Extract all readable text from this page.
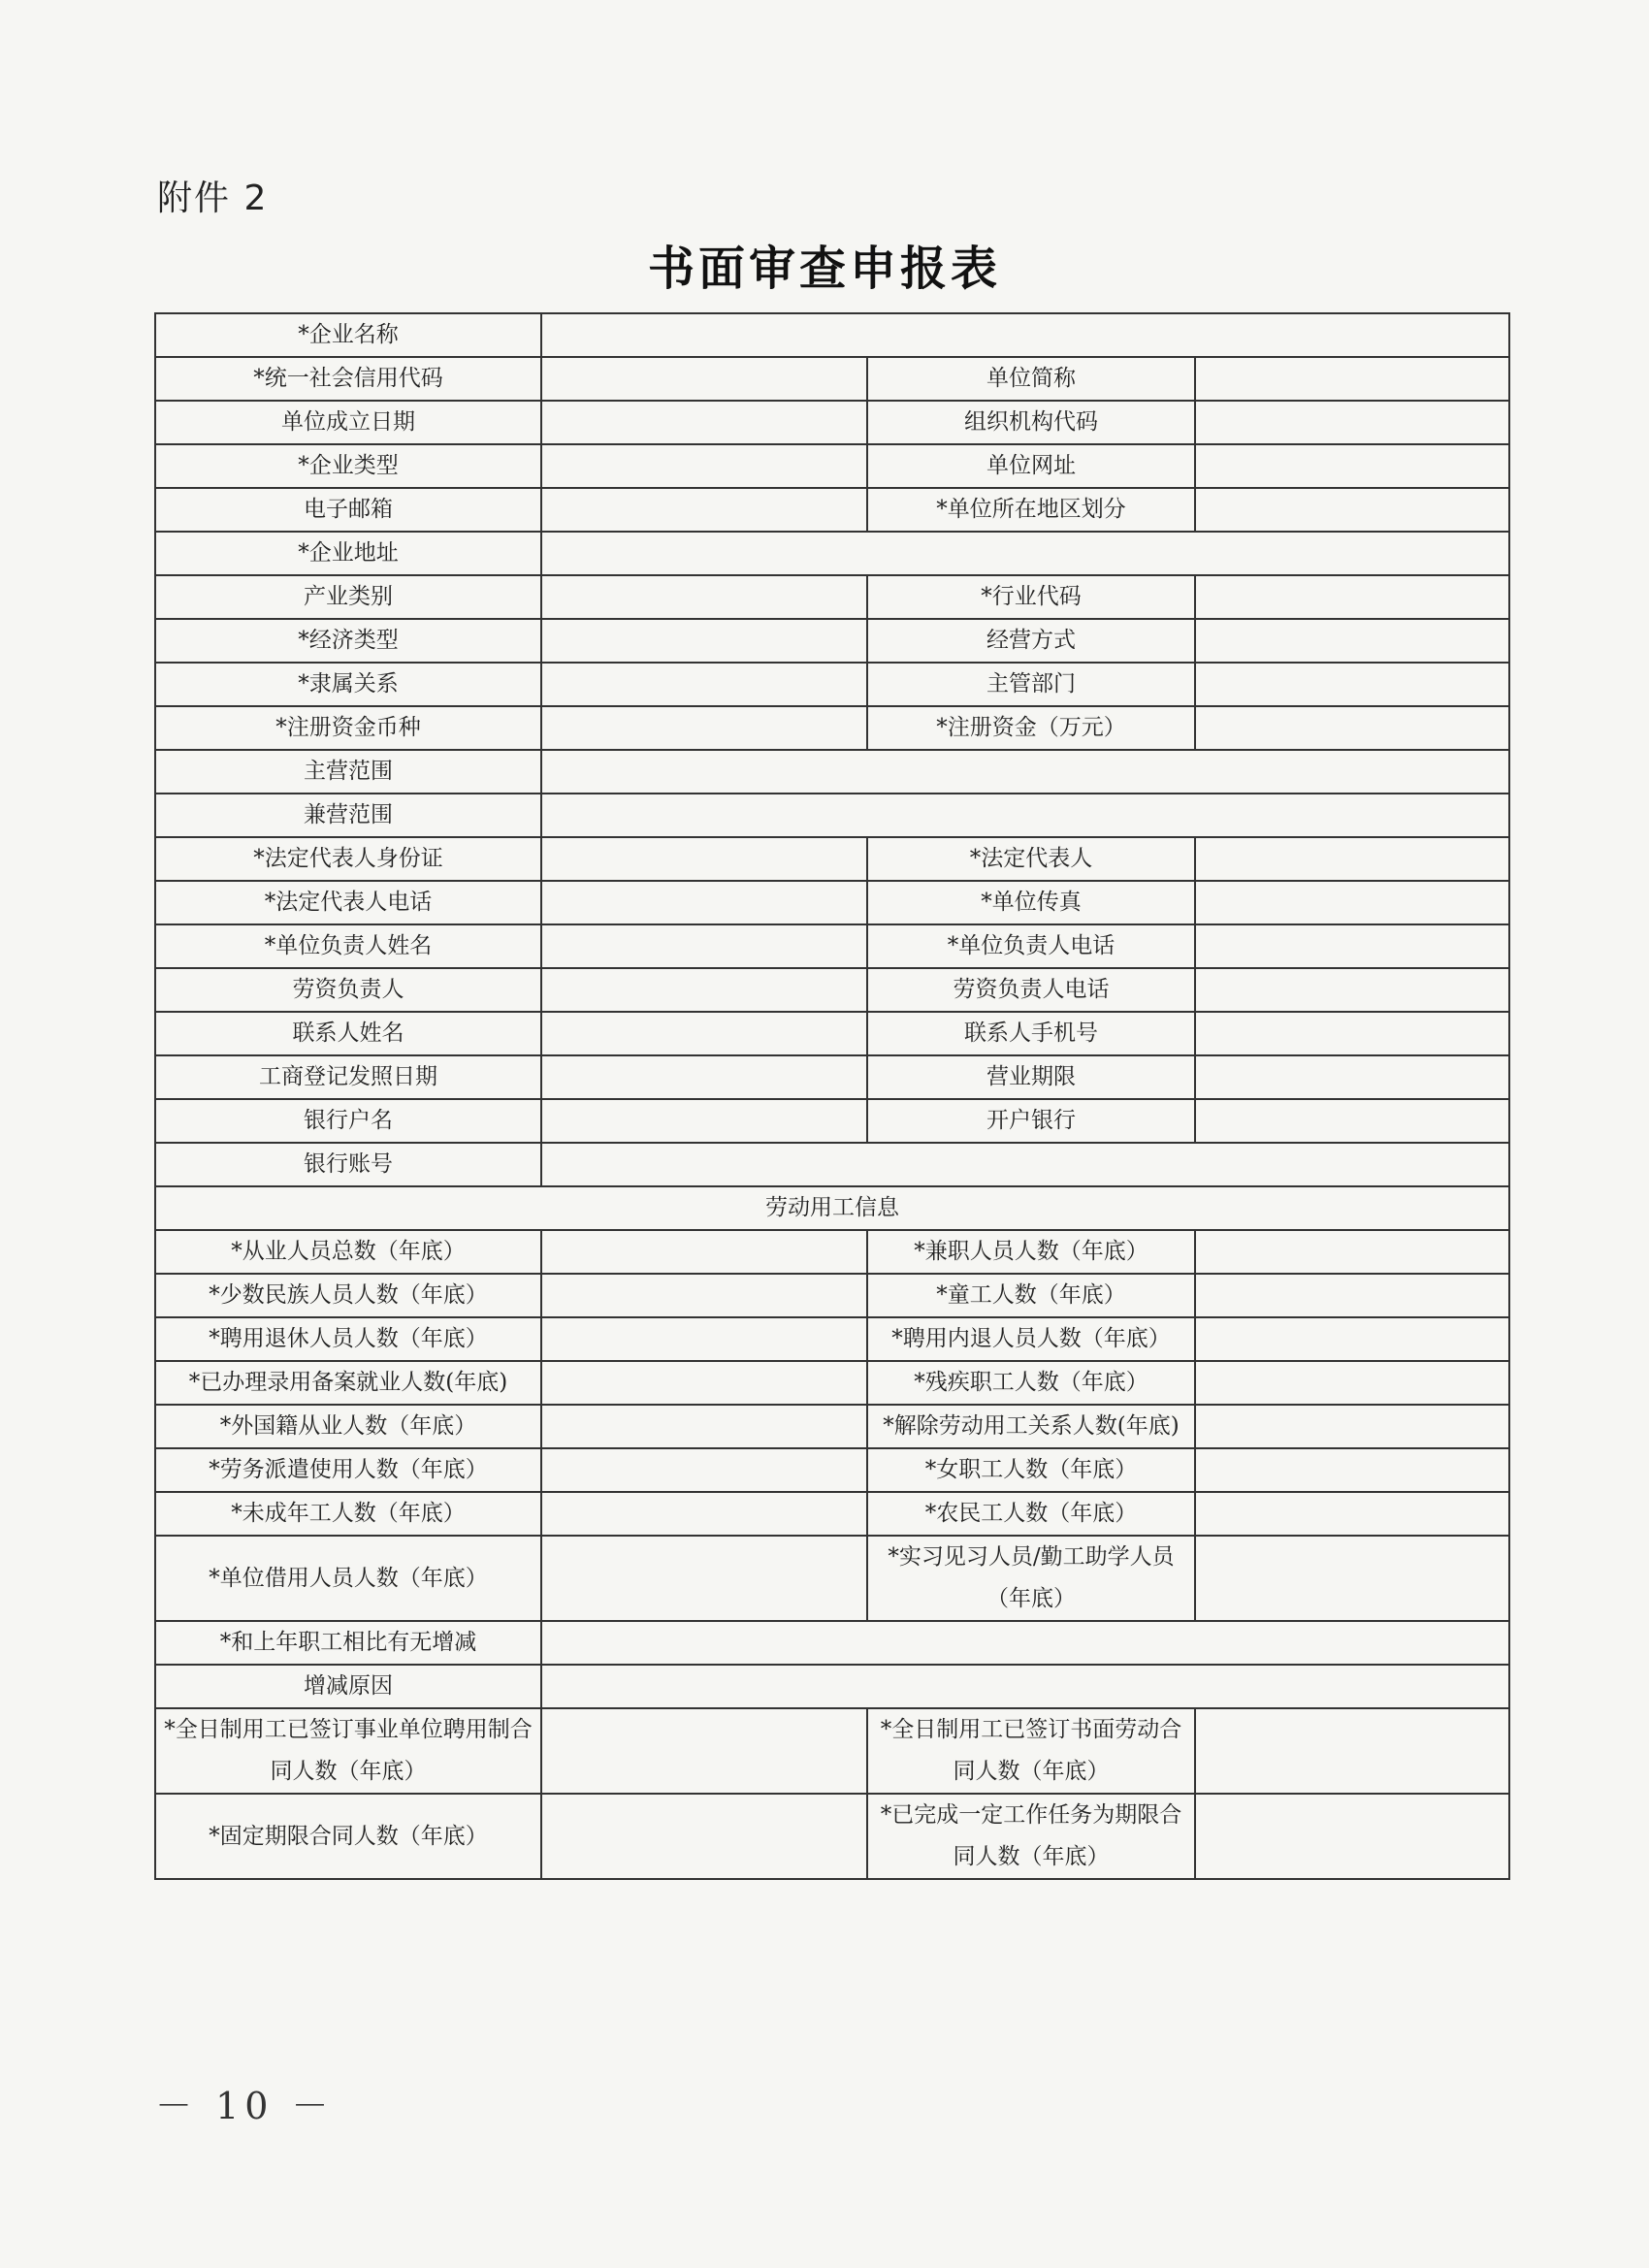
附件 2
书面审查申报表
*企业名称			
*统一社会信用代码		单位简称	
单位成立日期		组织机构代码	
*企业类型		单位网址	
电子邮箱		*单位所在地区划分	
*企业地址			
产业类别		*行业代码	
*经济类型		经营方式	
*隶属关系		主管部门	
*注册资金币种		*注册资金（万元）	
主营范围			
兼营范围			
*法定代表人身份证		*法定代表人	
*法定代表人电话		*单位传真	
*单位负责人姓名		*单位负责人电话	
劳资负责人		劳资负责人电话	
联系人姓名		联系人手机号	
工商登记发照日期		营业期限	
银行户名		开户银行	
银行账号			
劳动用工信息			
*从业人员总数（年底）		*兼职人员人数（年底）	
*少数民族人员人数（年底）		*童工人数（年底）	
*聘用退休人员人数（年底）		*聘用内退人员人数（年底）	
*已办理录用备案就业人数(年底)		*残疾职工人数（年底）	
*外国籍从业人数（年底）		*解除劳动用工关系人数(年底)	
*劳务派遣使用人数（年底）		*女职工人数（年底）	
*未成年工人数（年底）		*农民工人数（年底）	
*单位借用人员人数（年底）		*实习见习人员/勤工助学人员（年底）	
*和上年职工相比有无增减			
增减原因			
*全日制用工已签订事业单位聘用制合同人数（年底）		*全日制用工已签订书面劳动合同人数（年底）	
*固定期限合同人数（年底）		*已完成一定工作任务为期限合同人数（年底）	
－ 10 －
